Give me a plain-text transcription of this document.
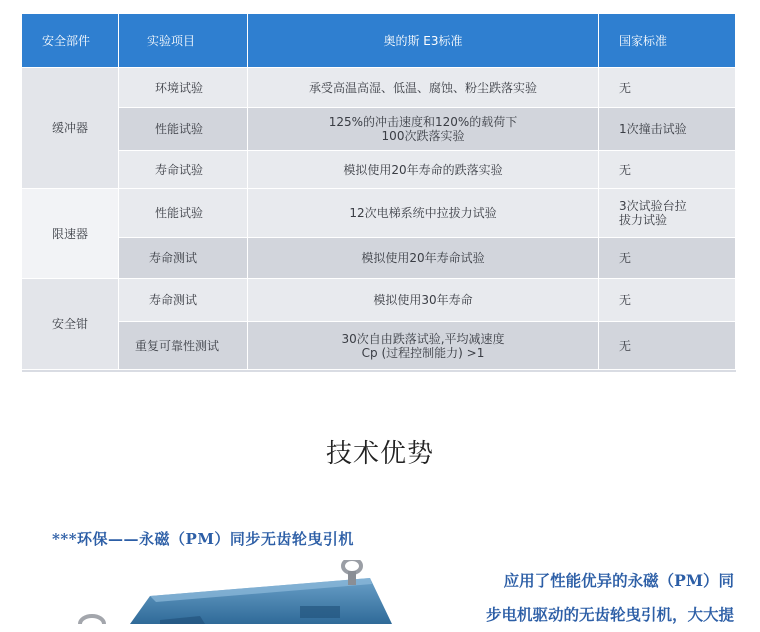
安全部件	实验项目	奥的斯 E3标准	国家标准
缓冲器
环境试验	承受高温高湿、低温、腐蚀、粉尘跌落实验	无
性能试验	125%的冲击速度和120%的载荷下100次跌落实验	1次撞击试验
寿命试验	模拟使用20年寿命的跌落实验	无
限速器
性能试验	12次电梯系统中拉拔力试验	3次试验台拉拔力试验
寿命测试	模拟使用20年寿命试验	无
安全钳
寿命测试	模拟使用30年寿命	无
重复可靠性测试	30次自由跌落试验,平均减速度Cp (过程控制能力) >1	无
技术优势
***环保——永磁（PM）同步无齿轮曳引机
应用了性能优异的永磁（PM）同
步电机驱动的无齿轮曳引机，大大提
